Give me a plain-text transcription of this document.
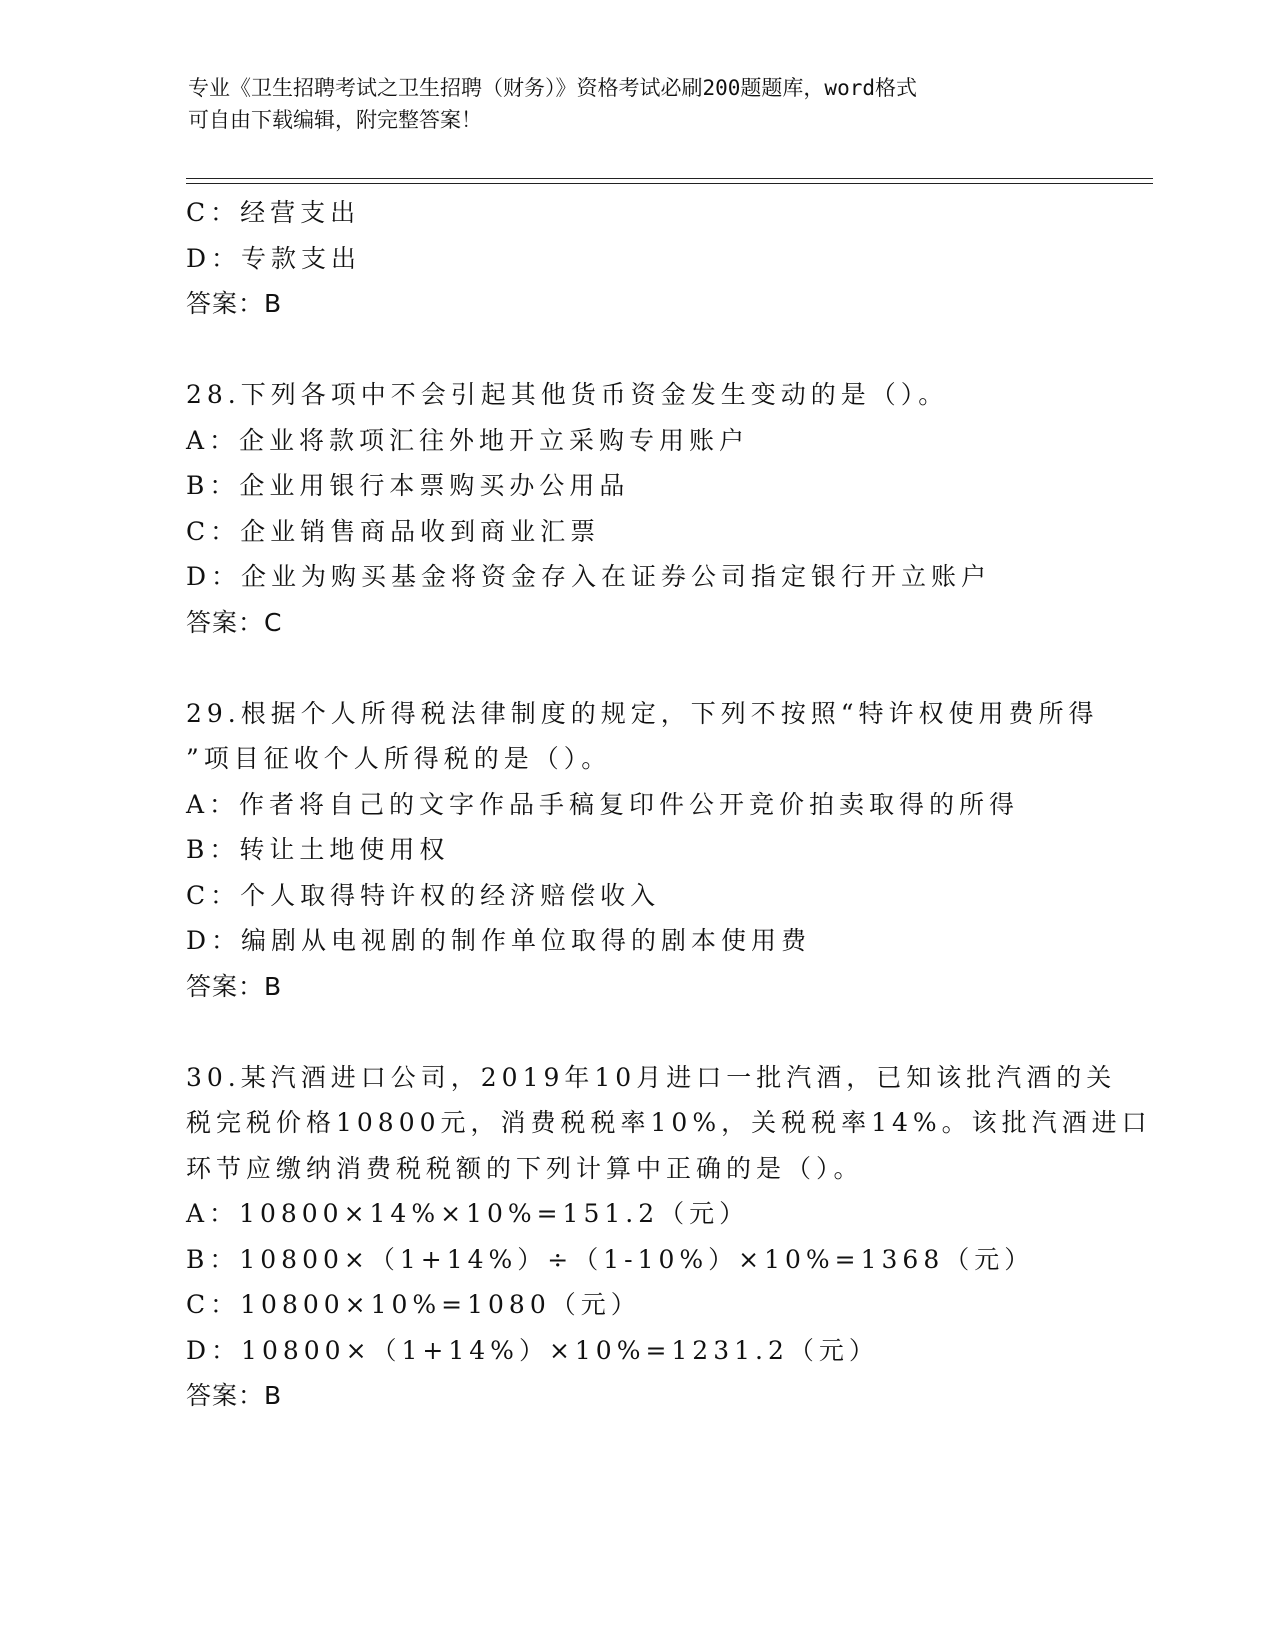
专业《卫生招聘考试之卫生招聘（财务）》资格考试必刷200题题库，word格式
可自由下载编辑，附完整答案！
C：经营支出
D：专款支出
答案：B
28.下列各项中不会引起其他货币资金发生变动的是（）。
A：企业将款项汇往外地开立采购专用账户
B：企业用银行本票购买办公用品
C：企业销售商品收到商业汇票
D：企业为购买基金将资金存入在证券公司指定银行开立账户
答案：C
29.根据个人所得税法律制度的规定，下列不按照“特许权使用费所得
”项目征收个人所得税的是（）。
A：作者将自己的文字作品手稿复印件公开竞价拍卖取得的所得
B：转让土地使用权
C：个人取得特许权的经济赔偿收入
D：编剧从电视剧的制作单位取得的剧本使用费
答案：B
30.某汽酒进口公司，2019年10月进口一批汽酒，已知该批汽酒的关
税完税价格10800元，消费税税率10%，关税税率14%。该批汽酒进口
环节应缴纳消费税税额的下列计算中正确的是（）。
A：10800×14%×10%=151.2（元）
B：10800×（1+14%）÷（1-10%）×10%=1368（元）
C：10800×10%=1080（元）
D：10800×（1+14%）×10%=1231.2（元）
答案：B
